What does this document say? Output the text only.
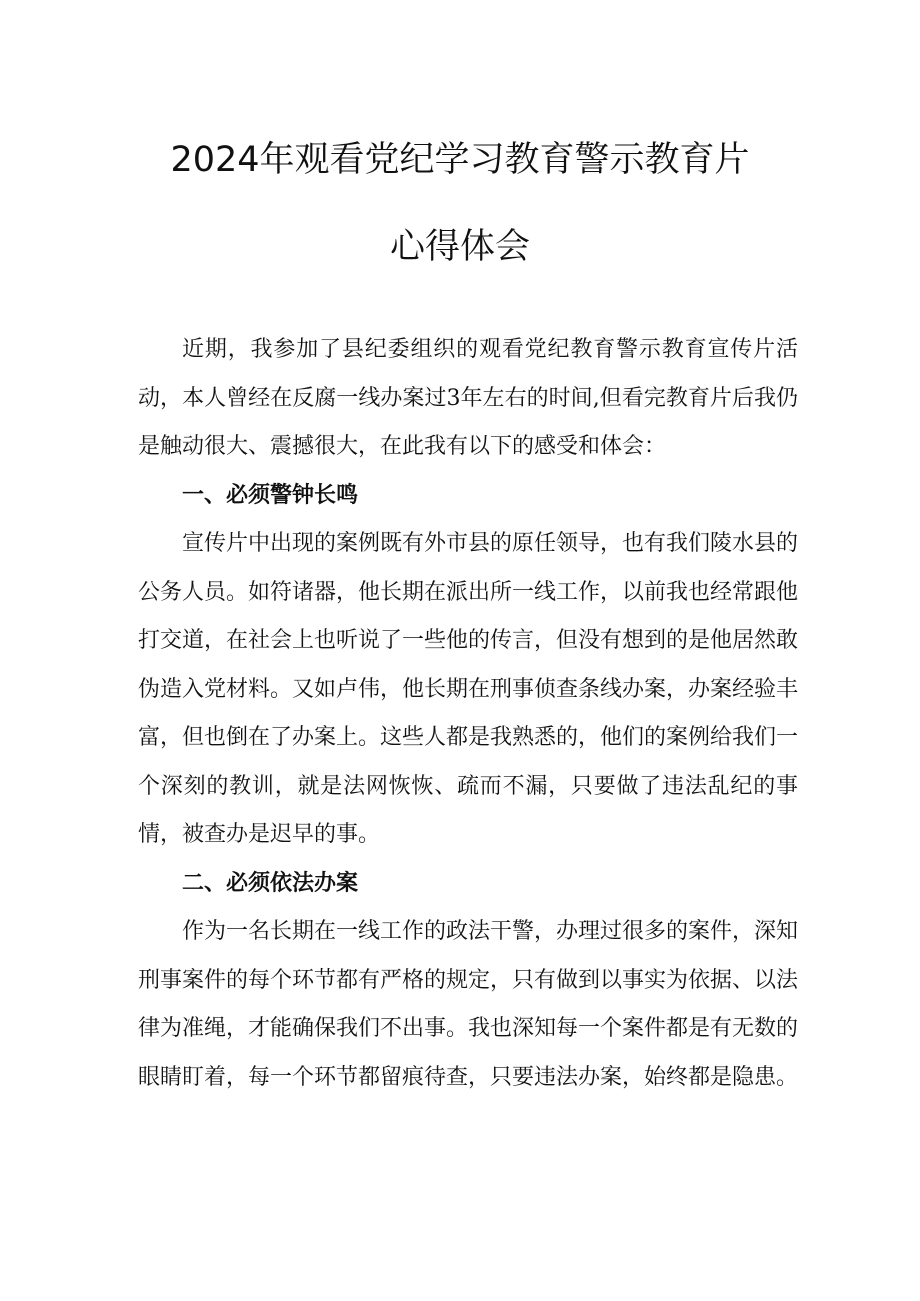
2024年观看党纪学习教育警示教育片
心得体会

近期，我参加了县纪委组织的观看党纪教育警示教育宣传片活动，本人曾经在反腐一线办案过3年左右的时间,但看完教育片后我仍是触动很大、震撼很大，在此我有以下的感受和体会：

一、必须警钟长鸣

宣传片中出现的案例既有外市县的原任领导，也有我们陵水县的公务人员。如符诸器，他长期在派出所一线工作，以前我也经常跟他打交道，在社会上也听说了一些他的传言，但没有想到的是他居然敢伪造入党材料。又如卢伟，他长期在刑事侦查条线办案，办案经验丰富，但也倒在了办案上。这些人都是我熟悉的，他们的案例给我们一个深刻的教训，就是法网恢恢、疏而不漏，只要做了违法乱纪的事情，被查办是迟早的事。

二、必须依法办案

作为一名长期在一线工作的政法干警，办理过很多的案件，深知刑事案件的每个环节都有严格的规定，只有做到以事实为依据、以法律为准绳，才能确保我们不出事。我也深知每一个案件都是有无数的眼睛盯着，每一个环节都留痕待查，只要违法办案，始终都是隐患。
